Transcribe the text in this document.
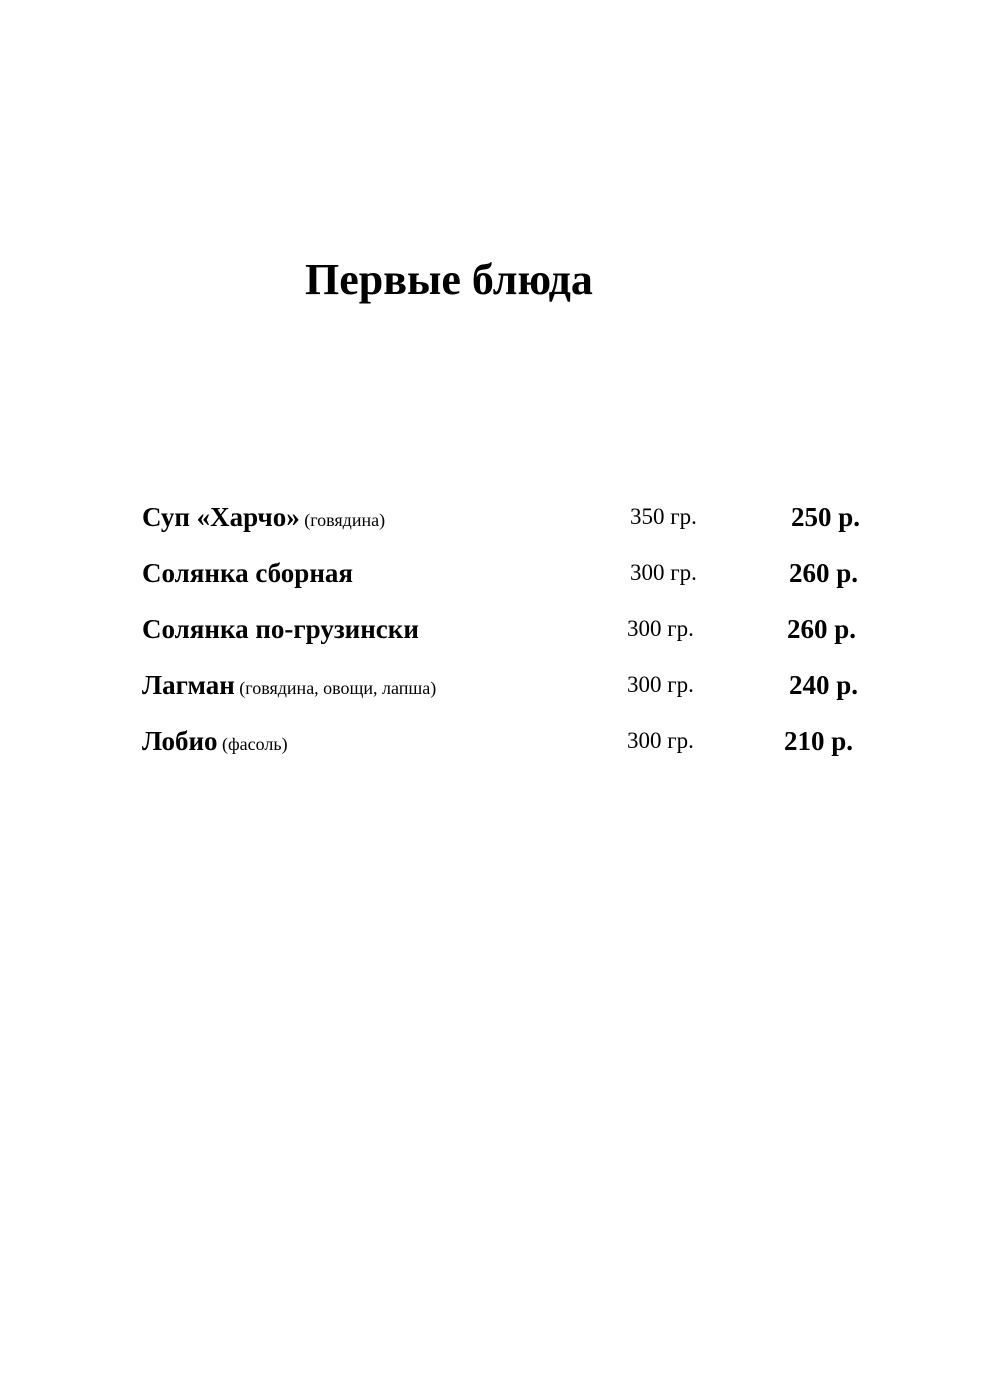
Первые блюда
Суп «Харчо» (говядина)	350 гр.	250 р.
Солянка сборная	300 гр.	260 р.
Солянка по-грузински	300 гр.	260 р.
Лагман (говядина, овощи, лапша)	300 гр.	240 р.
Лобио (фасоль)	300 гр.	210 р.
